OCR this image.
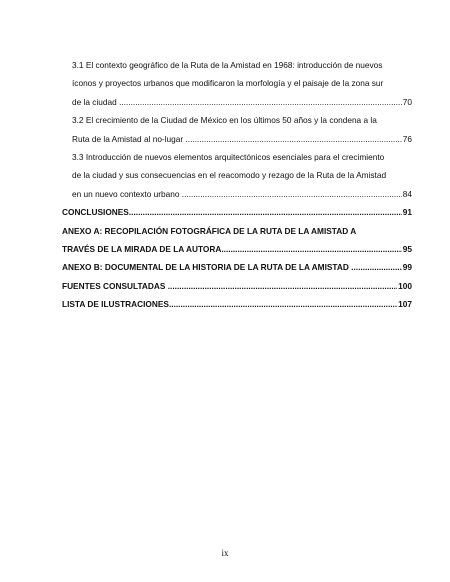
3.1 El contexto geográfico de la Ruta de la Amistad en 1968: introducción de nuevos
íconos y proyectos urbanos que modificaron la morfología y el paisaje de la zona sur
de la ciudad .....	70
3.2 El crecimiento de la Ciudad de México en los últimos 50 años y la condena a la
Ruta de la Amistad al no-lugar .....	76
3.3 Introducción de nuevos elementos arquitectónicos esenciales para el crecimiento
de la ciudad y sus consecuencias en el reacomodo y rezago de la Ruta de la Amistad
en un nuevo contexto urbano .....	84
CONCLUSIONES .....	91
ANEXO A: RECOPILACIÓN FOTOGRÁFICA DE LA RUTA DE LA AMISTAD A
TRAVÉS DE LA MIRADA DE LA AUTORA .....	95
ANEXO B: DOCUMENTAL DE LA HISTORIA DE LA RUTA DE LA AMISTAD .....	99
FUENTES CONSULTADAS .....	100
LISTA DE ILUSTRACIONES .....	107
ix
